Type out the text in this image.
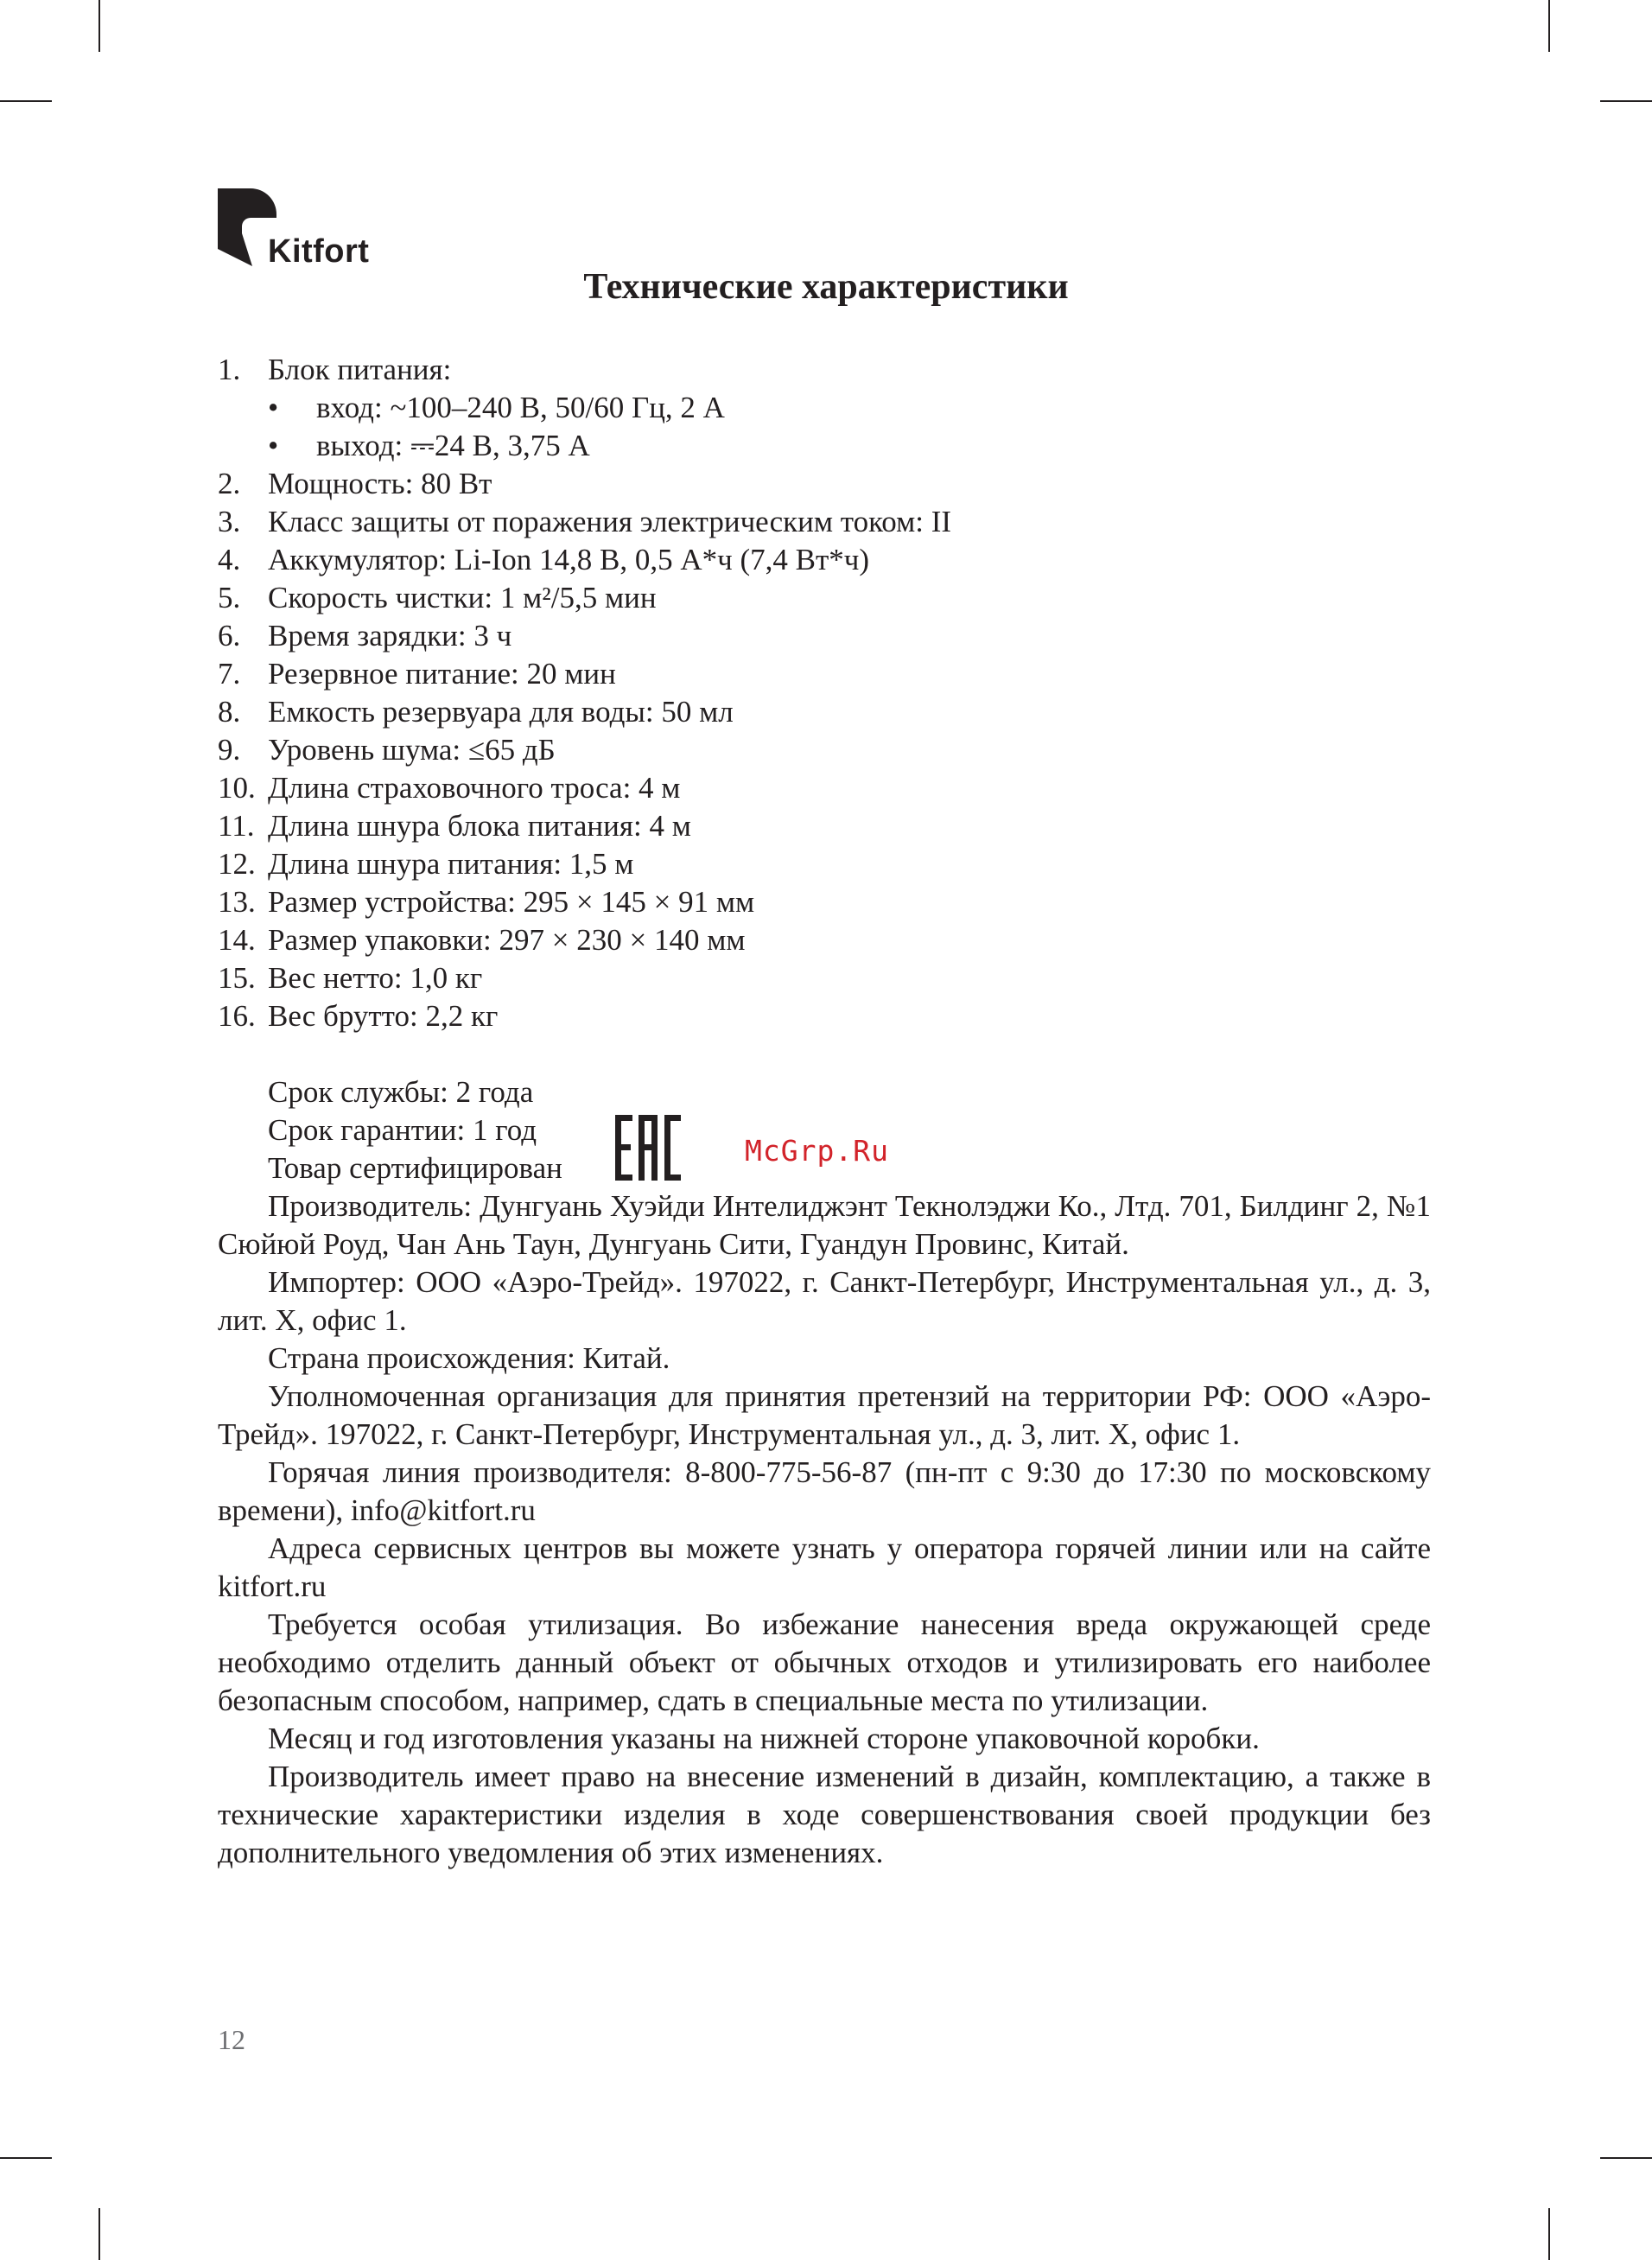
Kitfort
Технические характеристики
1. Блок питания:
• вход: ~100–240 В, 50/60 Гц, 2 А
• выход: ⎓24 В, 3,75 А
2. Мощность: 80 Вт
3. Класс защиты от поражения электрическим током: II
4. Аккумулятор: Li-Ion 14,8 В, 0,5 А*ч (7,4 Вт*ч)
5. Скорость чистки: 1 м²/5,5 мин
6. Время зарядки: 3 ч
7. Резервное питание: 20 мин
8. Емкость резервуара для воды: 50 мл
9. Уровень шума: ≤65 дБ
10. Длина страховочного троса: 4 м
11. Длина шнура блока питания: 4 м
12. Длина шнура питания: 1,5 м
13. Размер устройства: 295 × 145 × 91 мм
14. Размер упаковки: 297 × 230 × 140 мм
15. Вес нетто: 1,0 кг
16. Вес брутто: 2,2 кг
Срок службы: 2 года
Срок гарантии: 1 год
Товар сертифицирован
McGrp.Ru

Производитель: Дунгуань Хуэйди Интелиджэнт Текнолэджи Ко., Лтд. 701, Билдинг 2, №1 Сюйюй Роуд, Чан Ань Таун, Дунгуань Сити, Гуандун Провинс, Китай.

Импортер: ООО «Аэро-Трейд». 197022, г. Санкт-Петербург, Инструментальная ул., д. 3, лит. Х, офис 1.

Страна происхождения: Китай.

Уполномоченная организация для принятия претензий на территории РФ: ООО «Аэро-Трейд». 197022, г. Санкт-Петербург, Инструментальная ул., д. 3, лит. Х, офис 1.

Горячая линия производителя: 8-800-775-56-87 (пн-пт с 9:30 до 17:30 по московскому времени), info@kitfort.ru

Адреса сервисных центров вы можете узнать у оператора горячей линии или на сайте kitfort.ru

Требуется особая утилизация. Во избежание нанесения вреда окружающей среде необходимо отделить данный объект от обычных отходов и утилизировать его наиболее безопасным способом, например, сдать в специальные места по утилизации.

Месяц и год изготовления указаны на нижней стороне упаковочной коробки.

Производитель имеет право на внесение изменений в дизайн, комплектацию, а также в технические характеристики изделия в ходе совершенствования своей продукции без дополнительного уведомления об этих изменениях.

12
